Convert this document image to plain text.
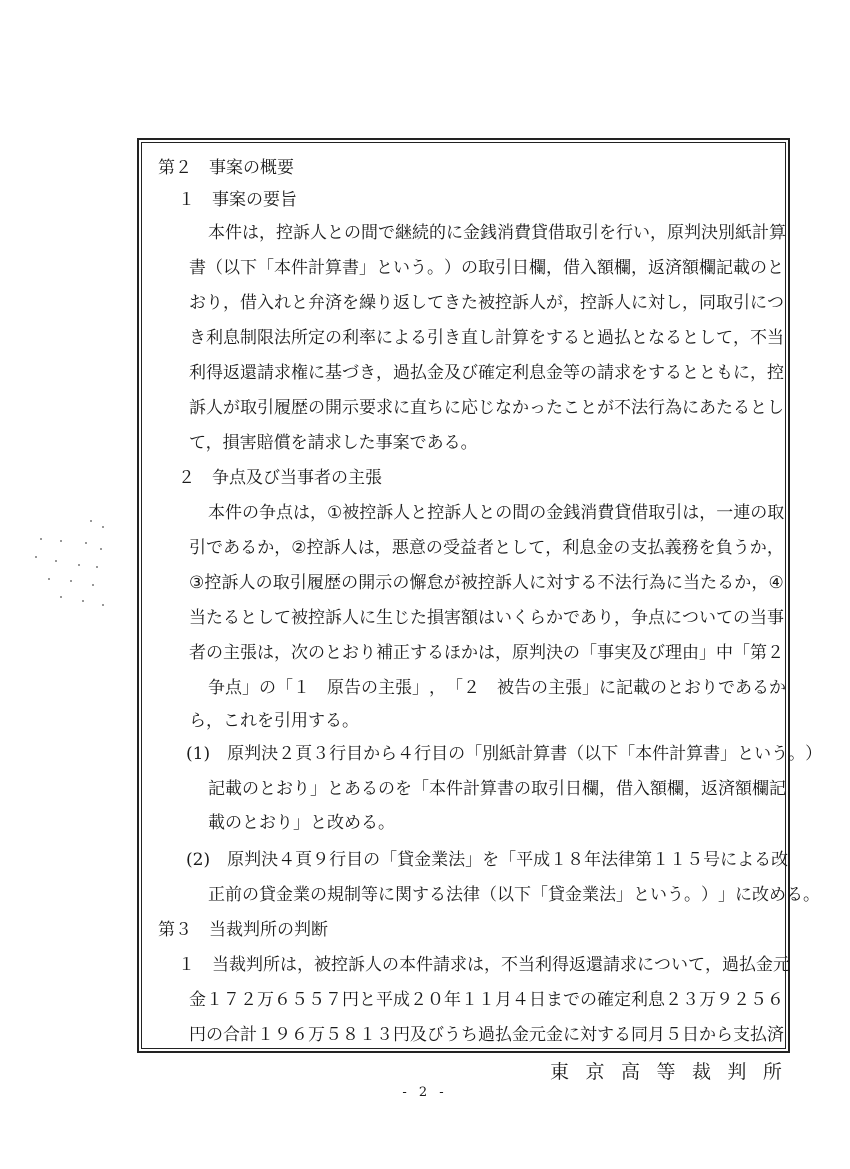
第２　事案の概要
１　事案の要旨
本 件 は ， 控 訴 人 と の 間 で 継 続 的 に 金 銭 消 費 貸 借 取 引 を 行 い ， 原 判 決 別 紙 計 算
書 （ 以 下 「 本 件 計 算 書 」 と い う 。 ） の 取 引 日 欄 ， 借 入 額 欄 ， 返 済 額 欄 記 載 の と
お り ， 借 入 れ と 弁 済 を 繰 り 返 し て き た 被 控 訴 人 が ， 控 訴 人 に 対 し ， 同 取 引 に つ
き 利 息 制 限 法 所 定 の 利 率 に よ る 引 き 直 し 計 算 を す る と 過 払 と な る と し て ， 不 当
利 得 返 還 請 求 権 に 基 づ き ， 過 払 金 及 び 確 定 利 息 金 等 の 請 求 を す る と と も に ， 控
訴 人 が 取 引 履 歴 の 開 示 要 求 に 直 ち に 応 じ な か っ た こ と が 不 法 行 為 に あ た る と し
て，損害賠償を請求した事案である。
２　争点及び当事者の主張
本 件 の 争 点 は ， ① 被 控 訴 人 と 控 訴 人 と の 間 の 金 銭 消 費 貸 借 取 引 は ， 一 連 の 取
引 で あ る か ， ② 控 訴 人 は ， 悪 意 の 受 益 者 と し て ， 利 息 金 の 支 払 義 務 を 負 う か ，
③ 控 訴 人 の 取 引 履 歴 の 開 示 の 懈 怠 が 被 控 訴 人 に 対 す る 不 法 行 為 に 当 た る か ， ④
当 た る と し て 被 控 訴 人 に 生 じ た 損 害 額 は い く ら か で あ り ， 争 点 に つ い て の 当 事
者 の 主 張 は ， 次 の と お り 補 正 す る ほ か は ， 原 判 決 の 「 事 実 及 び 理 由 」 中 「 第 ２
争 点 」 の 「 １
　 原 告 の 主 張 」 ， 「 ２
　 被 告 の 主 張 」 に 記 載 の と お り で あ る か
ら，これを引用する。
( 1 )
　 原 判 決 ２ 頁 ３ 行 目 か ら ４ 行 目 の 「 別 紙 計 算 書 （ 以 下 「 本 件 計 算 書 」 と い う 。 ）
記 載 の と お り 」 と あ る の を 「 本 件 計 算 書 の 取 引 日 欄 ， 借 入 額 欄 ， 返 済 額 欄 記
載のとおり」と改める。
( 2 )
　 原 判 決 ４ 頁 ９ 行 目 の 「 貸 金 業 法 」 を 「 平 成 １ ８ 年 法 律 第 １ １ ５ 号 に よ る 改
正 前 の 貸 金 業 の 規 制 等 に 関 す る 法 律 （ 以 下 「 貸 金 業 法 」 と い う 。 ） 」 に 改 め る 。
第３　当裁判所の判断
１
　 当 裁 判 所 は ， 被 控 訴 人 の 本 件 請 求 は ， 不 当 利 得 返 還 請 求 に つ い て ， 過 払 金 元
金 １ ７ ２ 万 ６ ５ ５ ７ 円 と 平 成 ２ ０ 年 １ １ 月 ４ 日 ま で の 確 定 利 息 ２ ３ 万 ９ ２ ５ ６
円 の 合 計 １ ９ ６ 万 ５ ８ １ ３ 円 及 び う ち 過 払 金 元 金 に 対 す る 同 月 ５ 日 か ら 支 払 済
東 京 高 等 裁 判 所
- 2 -
